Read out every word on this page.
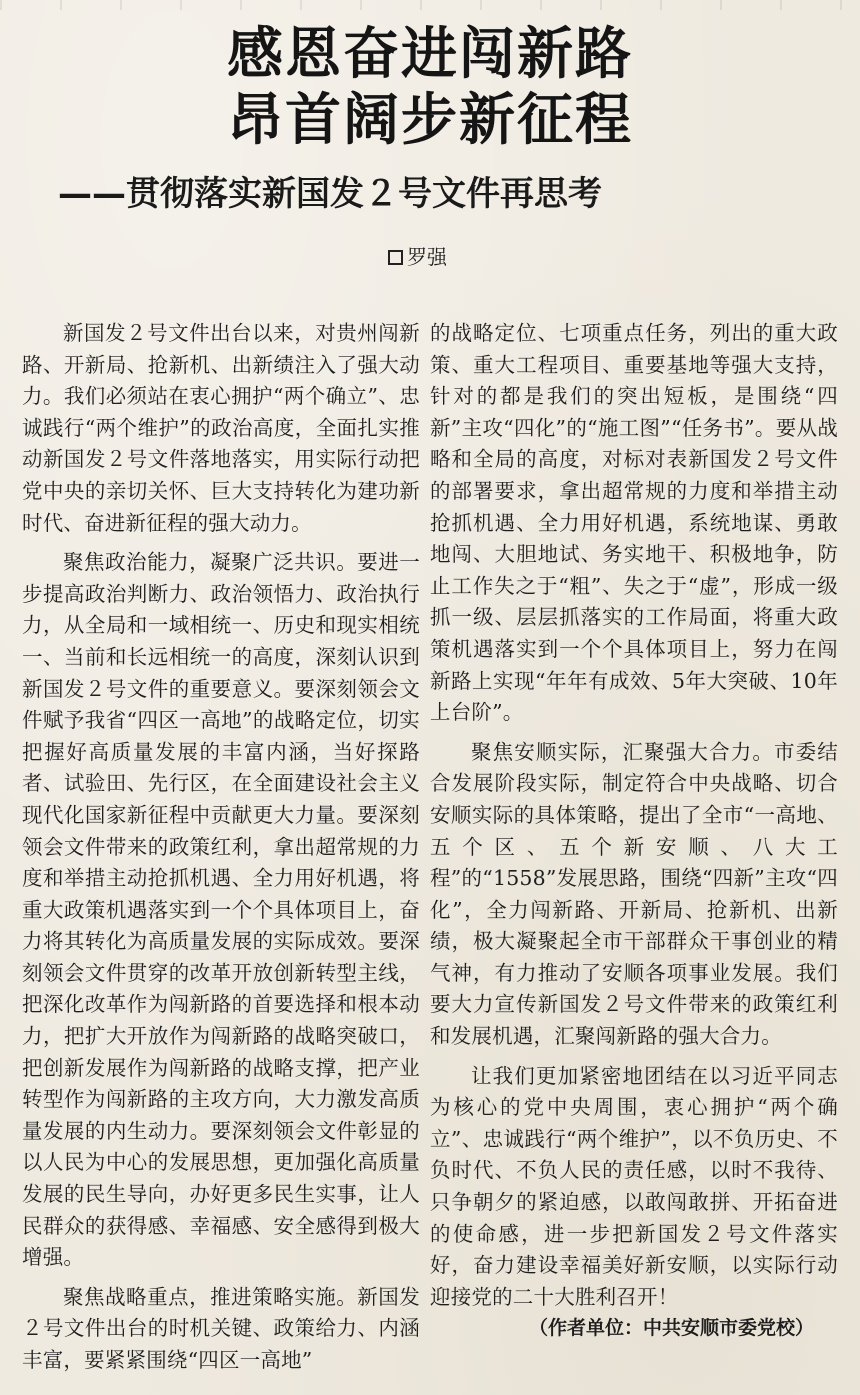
感恩奋进闯新路
昂首阔步新征程
——贯彻落实新国发２号文件再思考
罗强

新国发２号文件出台以来，对贵州闯新路、开新局、抢新机、出新绩注入了强大动力。我们必须站在衷心拥护“两个确立”、忠诚践行“两个维护”的政治高度，全面扎实推动新国发２号文件落地落实，用实际行动把党中央的亲切关怀、巨大支持转化为建功新时代、奋进新征程的强大动力。

聚焦政治能力，凝聚广泛共识。要进一步提高政治判断力、政治领悟力、政治执行力，从全局和一域相统一、历史和现实相统一、当前和长远相统一的高度，深刻认识到新国发２号文件的重要意义。要深刻领会文件赋予我省“四区一高地”的战略定位，切实把握好高质量发展的丰富内涵，当好探路者、试验田、先行区，在全面建设社会主义现代化国家新征程中贡献更大力量。要深刻领会文件带来的政策红利，拿出超常规的力度和举措主动抢抓机遇、全力用好机遇，将重大政策机遇落实到一个个具体项目上，奋力将其转化为高质量发展的实际成效。要深刻领会文件贯穿的改革开放创新转型主线，把深化改革作为闯新路的首要选择和根本动力，把扩大开放作为闯新路的战略突破口，把创新发展作为闯新路的战略支撑，把产业转型作为闯新路的主攻方向，大力激发高质量发展的内生动力。要深刻领会文件彰显的以人民为中心的发展思想，更加强化高质量发展的民生导向，办好更多民生实事，让人民群众的获得感、幸福感、安全感得到极大增强。

聚焦战略重点，推进策略实施。新国发２号文件出台的时机关键、政策给力、内涵丰富，要紧紧围绕“四区一高地”

的战略定位、七项重点任务，列出的重大政策、重大工程项目、重要基地等强大支持，针对的都是我们的突出短板，是围绕“四新”主攻“四化”的“施工图”“任务书”。要从战略和全局的高度，对标对表新国发２号文件的部署要求，拿出超常规的力度和举措主动抢抓机遇、全力用好机遇，系统地谋、勇敢地闯、大胆地试、务实地干、积极地争，防止工作失之于“粗”、失之于“虚”，形成一级抓一级、层层抓落实的工作局面，将重大政策机遇落实到一个个具体项目上，努力在闯新路上实现“年年有成效、5年大突破、10年上台阶”。

聚焦安顺实际，汇聚强大合力。市委结合发展阶段实际，制定符合中央战略、切合安顺实际的具体策略，提出了全市“一高地、五个区、五个新安顺、八大工程”的“1558”发展思路，围绕“四新”主攻“四化”，全力闯新路、开新局、抢新机、出新绩，极大凝聚起全市干部群众干事创业的精气神，有力推动了安顺各项事业发展。我们要大力宣传新国发２号文件带来的政策红利和发展机遇，汇聚闯新路的强大合力。

让我们更加紧密地团结在以习近平同志为核心的党中央周围，衷心拥护“两个确立”、忠诚践行“两个维护”，以不负历史、不负时代、不负人民的责任感，以时不我待、只争朝夕的紧迫感，以敢闯敢拼、开拓奋进的使命感，进一步把新国发２号文件落实好，奋力建设幸福美好新安顺，以实际行动迎接党的二十大胜利召开！

（作者单位：中共安顺市委党校）
